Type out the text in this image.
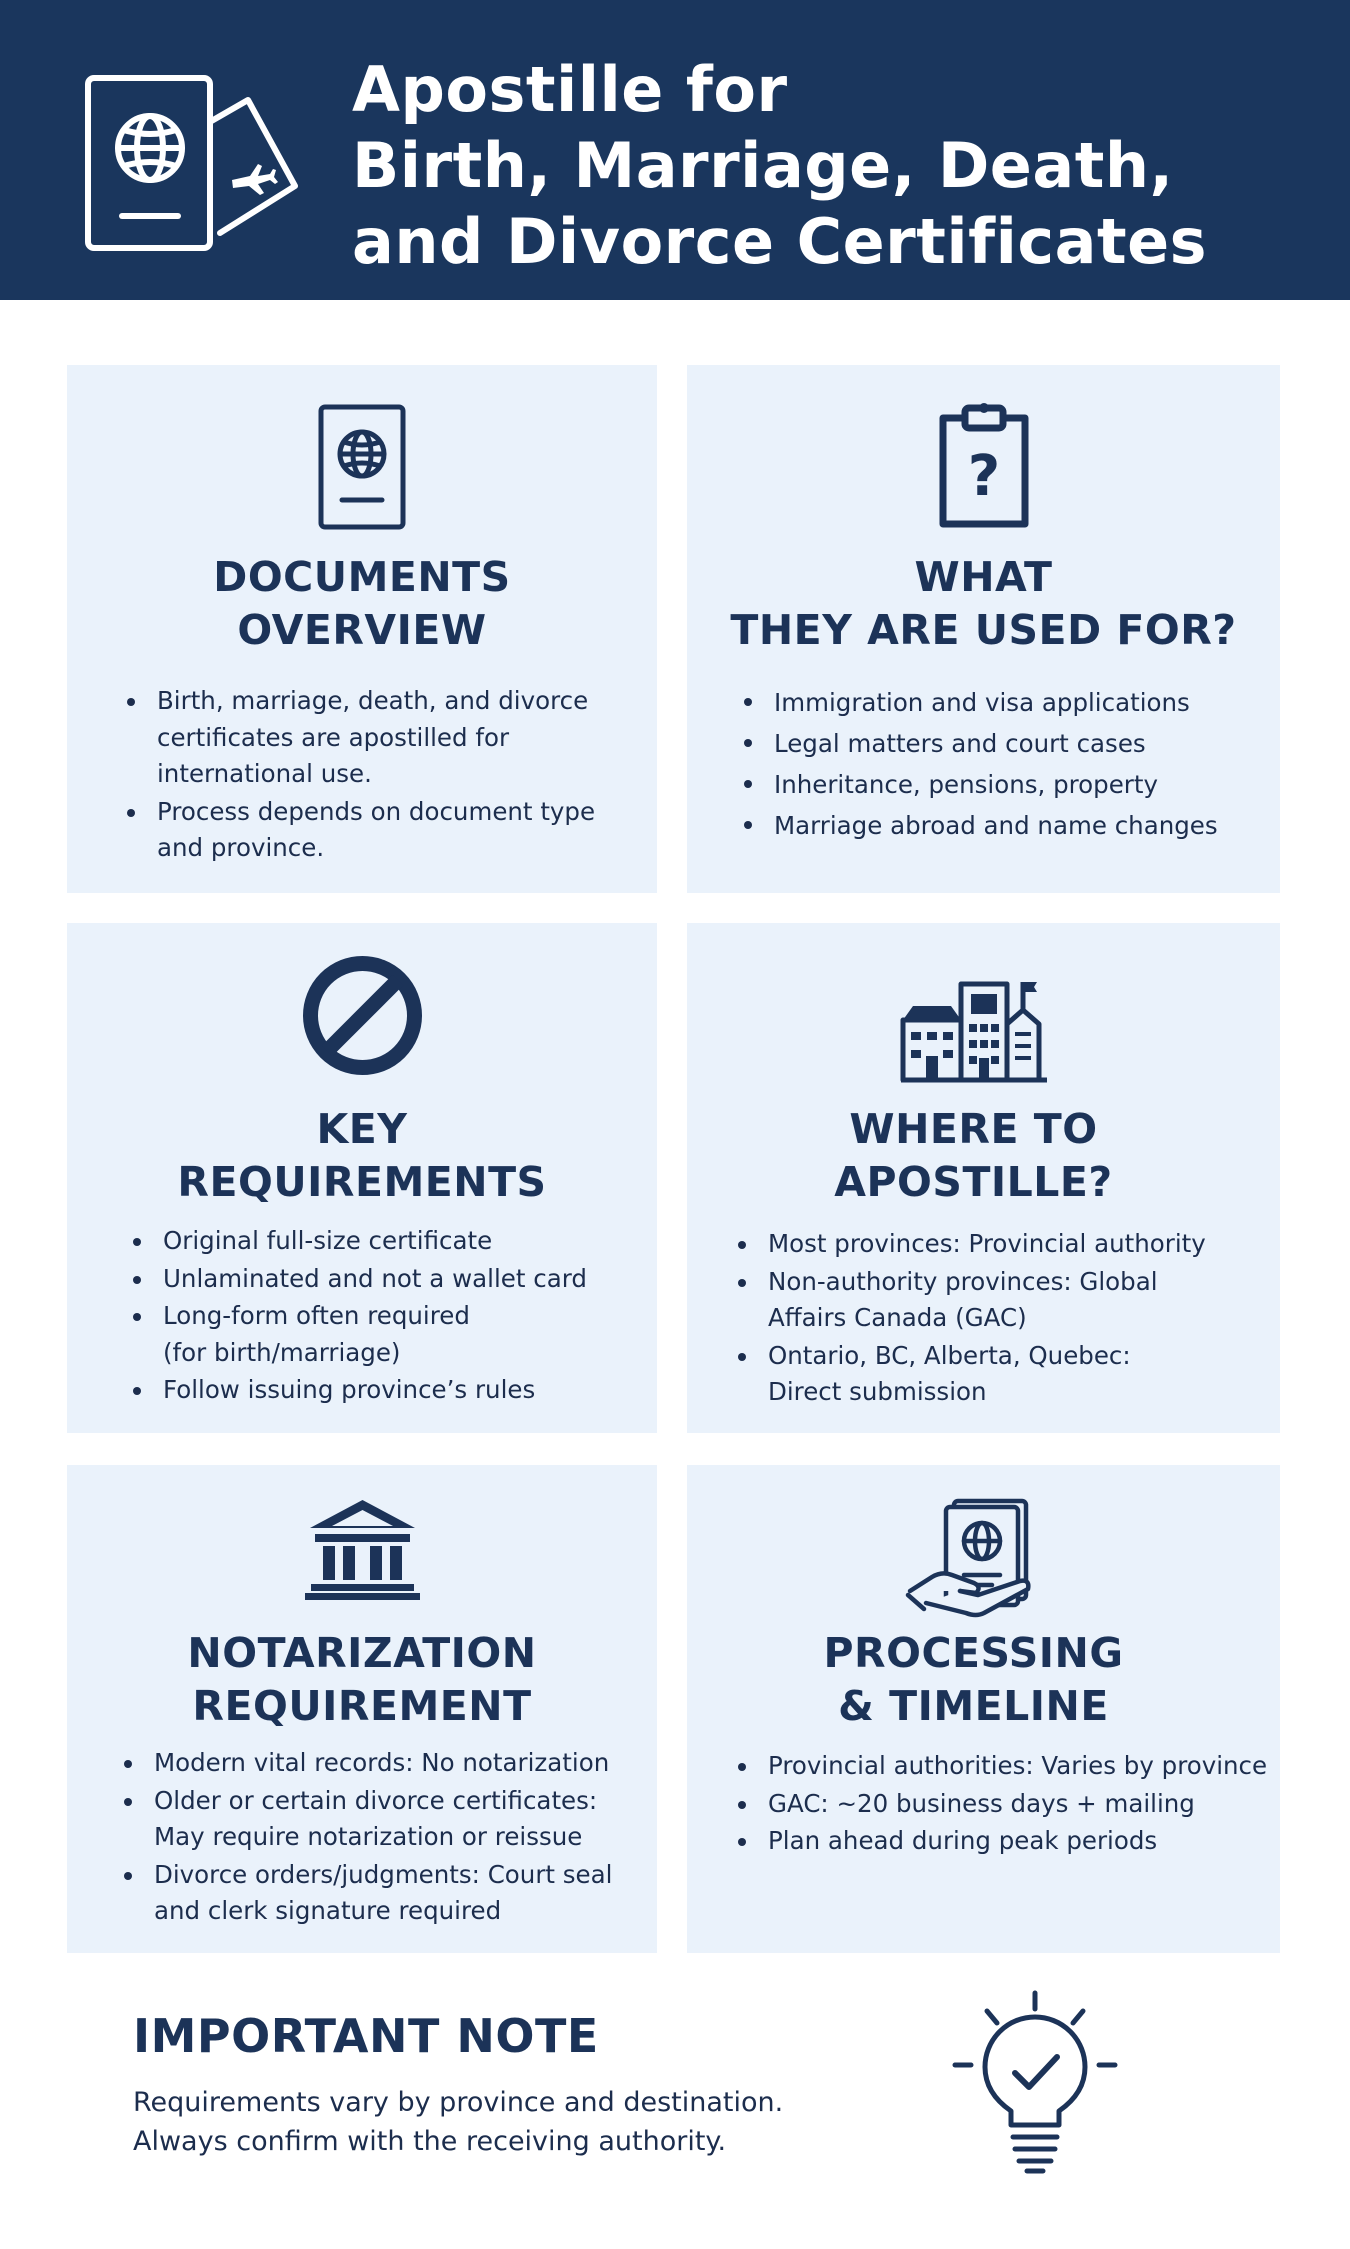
Apostille for
Birth, Marriage, Death,
and Divorce Certificates
DOCUMENTS
OVERVIEW
Birth, marriage, death, and divorce
certificates are apostilled for
international use.
Process depends on document type
and province.
?
WHAT
THEY ARE USED FOR?
Immigration and visa applications
Legal matters and court cases
Inheritance, pensions, property
Marriage abroad and name changes
KEY
REQUIREMENTS
Original full-size certificate
Unlaminated and not a wallet card
Long-form often required
(for birth/marriage)
Follow issuing province’s rules
WHERE TO
APOSTILLE?
Most provinces: Provincial authority
Non-authority provinces: Global
Affairs Canada (GAC)
Ontario, BC, Alberta, Quebec:
Direct submission
NOTARIZATION
REQUIREMENT
Modern vital records: No notarization
Older or certain divorce certificates:
May require notarization or reissue
Divorce orders/judgments: Court seal
and clerk signature required
PROCESSING
& TIMELINE
Provincial authorities: Varies by province
GAC: ~20 business days + mailing
Plan ahead during peak periods
IMPORTANT NOTE
Requirements vary by province and destination.
Always confirm with the receiving authority.
